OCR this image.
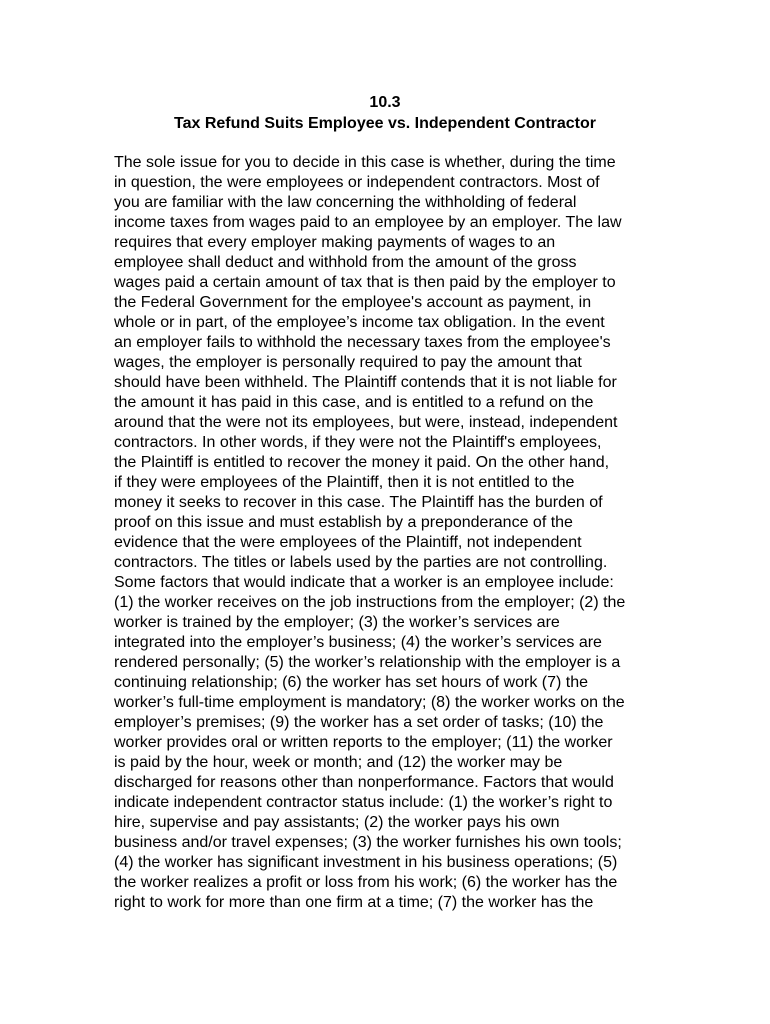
10.3
Tax Refund Suits Employee vs. Independent Contractor
The sole issue for you to decide in this case is whether, during the time
in question, the were employees or independent contractors. Most of
you are familiar with the law concerning the withholding of federal
income taxes from wages paid to an employee by an employer. The law
requires that every employer making payments of wages to an
employee shall deduct and withhold from the amount of the gross
wages paid a certain amount of tax that is then paid by the employer to
the Federal Government for the employee's account as payment, in
whole or in part, of the employee’s income tax obligation. In the event
an employer fails to withhold the necessary taxes from the employee's
wages, the employer is personally required to pay the amount that
should have been withheld. The Plaintiff contends that it is not liable for
the amount it has paid in this case, and is entitled to a refund on the
around that the were not its employees, but were, instead, independent
contractors. In other words, if they were not the Plaintiff's employees,
the Plaintiff is entitled to recover the money it paid. On the other hand,
if they were employees of the Plaintiff, then it is not entitled to the
money it seeks to recover in this case. The Plaintiff has the burden of
proof on this issue and must establish by a preponderance of the
evidence that the were employees of the Plaintiff, not independent
contractors. The titles or labels used by the parties are not controlling.
Some factors that would indicate that a worker is an employee include:
(1) the worker receives on the job instructions from the employer; (2) the
worker is trained by the employer; (3) the worker’s services are
integrated into the employer’s business; (4) the worker’s services are
rendered personally; (5) the worker’s relationship with the employer is a
continuing relationship; (6) the worker has set hours of work (7) the
worker’s full-time employment is mandatory; (8) the worker works on the
employer’s premises; (9) the worker has a set order of tasks; (10) the
worker provides oral or written reports to the employer; (11) the worker
is paid by the hour, week or month; and (12) the worker may be
discharged for reasons other than nonperformance. Factors that would
indicate independent contractor status include: (1) the worker’s right to
hire, supervise and pay assistants; (2) the worker pays his own
business and/or travel expenses; (3) the worker furnishes his own tools;
(4) the worker has significant investment in his business operations; (5)
the worker realizes a profit or loss from his work; (6) the worker has the
right to work for more than one firm at a time; (7) the worker has the
